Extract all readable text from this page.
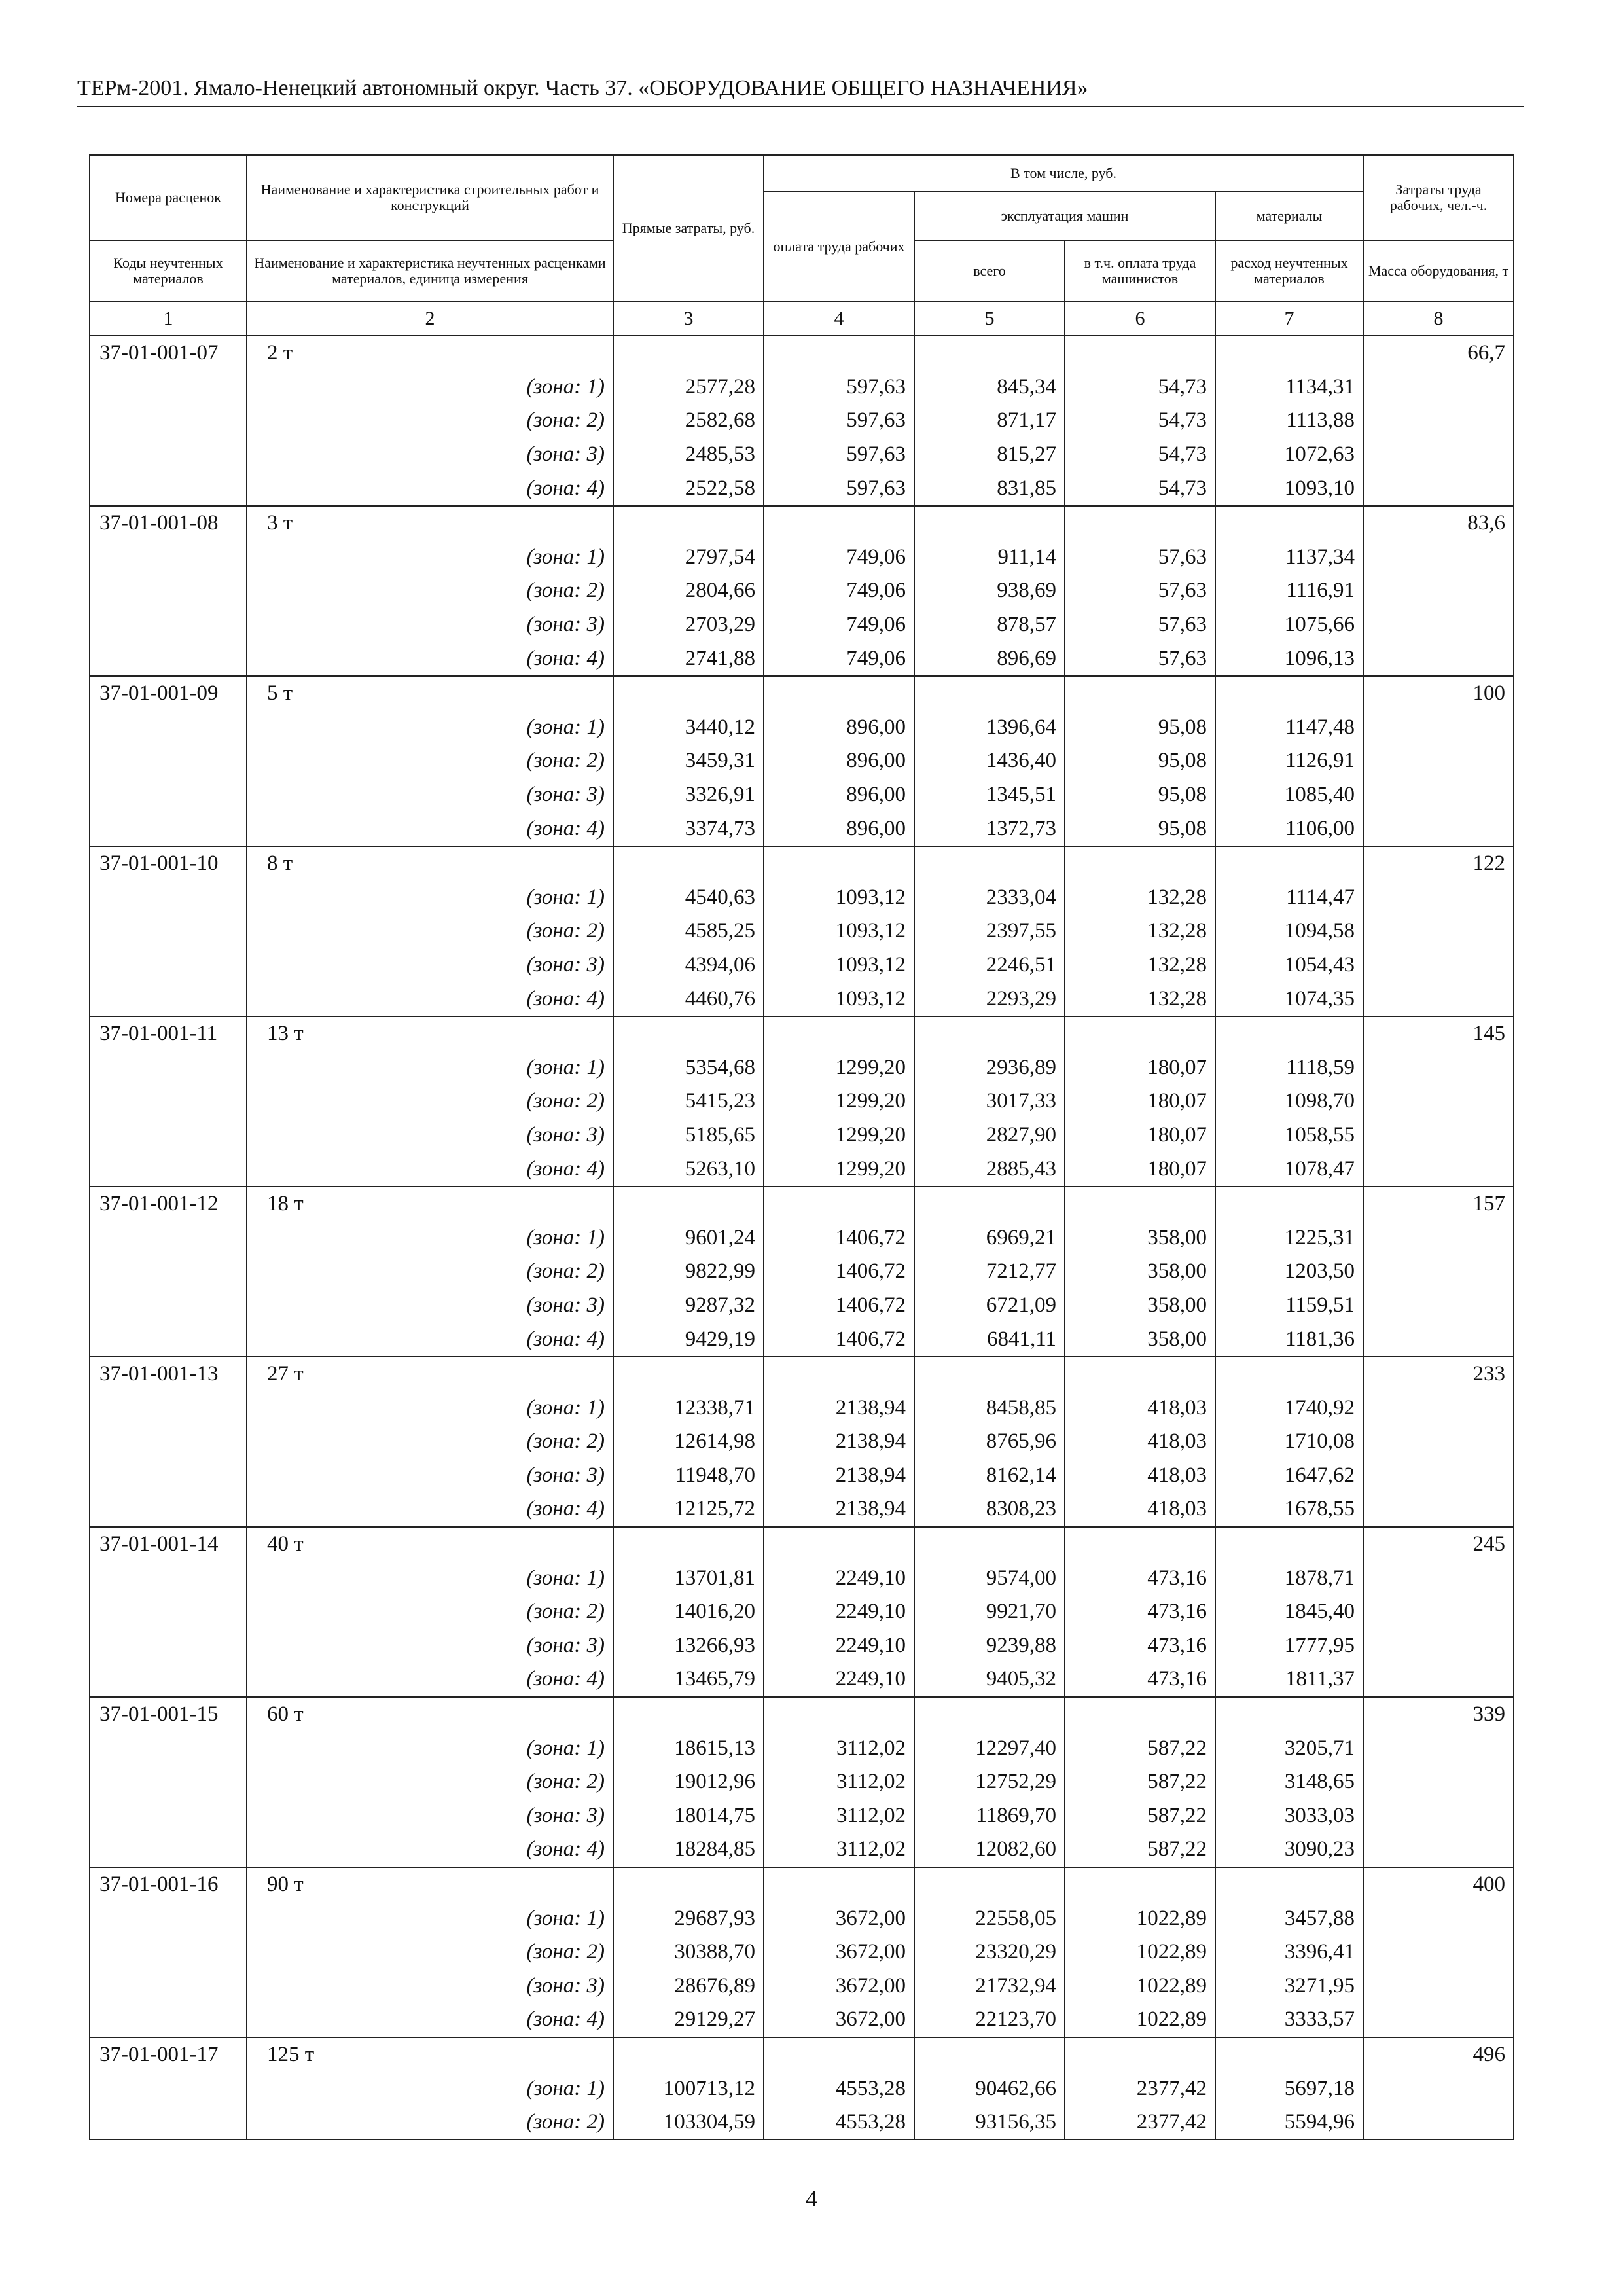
ТЕРм-2001. Ямало-Ненецкий автономный округ. Часть 37. «ОБОРУДОВАНИЕ ОБЩЕГО НАЗНАЧЕНИЯ»
Номера расценок	Наименование и характеристика строительных работ и конструкций	Прямые затраты, руб.	В том числе, руб.				Затраты труда рабочих, чел.-ч.
			оплата труда рабочих	эксплуатация машин		материалы	
Коды неучтенных материалов	Наименование и характеристика неучтенных расценками материалов, единица измерения			всего	в т.ч. оплата труда машинистов	расход неучтенных материалов	Масса оборудования, т
1	2	3	4	5	6	7	8
37-01-001-07	2 т						66,7
	(зона: 1)	2577,28	597,63	845,34	54,73	1134,31	
	(зона: 2)	2582,68	597,63	871,17	54,73	1113,88	
	(зона: 3)	2485,53	597,63	815,27	54,73	1072,63	
	(зона: 4)	2522,58	597,63	831,85	54,73	1093,10	
37-01-001-08	3 т						83,6
	(зона: 1)	2797,54	749,06	911,14	57,63	1137,34	
	(зона: 2)	2804,66	749,06	938,69	57,63	1116,91	
	(зона: 3)	2703,29	749,06	878,57	57,63	1075,66	
	(зона: 4)	2741,88	749,06	896,69	57,63	1096,13	
37-01-001-09	5 т						100
	(зона: 1)	3440,12	896,00	1396,64	95,08	1147,48	
	(зона: 2)	3459,31	896,00	1436,40	95,08	1126,91	
	(зона: 3)	3326,91	896,00	1345,51	95,08	1085,40	
	(зона: 4)	3374,73	896,00	1372,73	95,08	1106,00	
37-01-001-10	8 т						122
	(зона: 1)	4540,63	1093,12	2333,04	132,28	1114,47	
	(зона: 2)	4585,25	1093,12	2397,55	132,28	1094,58	
	(зона: 3)	4394,06	1093,12	2246,51	132,28	1054,43	
	(зона: 4)	4460,76	1093,12	2293,29	132,28	1074,35	
37-01-001-11	13 т						145
	(зона: 1)	5354,68	1299,20	2936,89	180,07	1118,59	
	(зона: 2)	5415,23	1299,20	3017,33	180,07	1098,70	
	(зона: 3)	5185,65	1299,20	2827,90	180,07	1058,55	
	(зона: 4)	5263,10	1299,20	2885,43	180,07	1078,47	
37-01-001-12	18 т						157
	(зона: 1)	9601,24	1406,72	6969,21	358,00	1225,31	
	(зона: 2)	9822,99	1406,72	7212,77	358,00	1203,50	
	(зона: 3)	9287,32	1406,72	6721,09	358,00	1159,51	
	(зона: 4)	9429,19	1406,72	6841,11	358,00	1181,36	
37-01-001-13	27 т						233
	(зона: 1)	12338,71	2138,94	8458,85	418,03	1740,92	
	(зона: 2)	12614,98	2138,94	8765,96	418,03	1710,08	
	(зона: 3)	11948,70	2138,94	8162,14	418,03	1647,62	
	(зона: 4)	12125,72	2138,94	8308,23	418,03	1678,55	
37-01-001-14	40 т						245
	(зона: 1)	13701,81	2249,10	9574,00	473,16	1878,71	
	(зона: 2)	14016,20	2249,10	9921,70	473,16	1845,40	
	(зона: 3)	13266,93	2249,10	9239,88	473,16	1777,95	
	(зона: 4)	13465,79	2249,10	9405,32	473,16	1811,37	
37-01-001-15	60 т						339
	(зона: 1)	18615,13	3112,02	12297,40	587,22	3205,71	
	(зона: 2)	19012,96	3112,02	12752,29	587,22	3148,65	
	(зона: 3)	18014,75	3112,02	11869,70	587,22	3033,03	
	(зона: 4)	18284,85	3112,02	12082,60	587,22	3090,23	
37-01-001-16	90 т						400
	(зона: 1)	29687,93	3672,00	22558,05	1022,89	3457,88	
	(зона: 2)	30388,70	3672,00	23320,29	1022,89	3396,41	
	(зона: 3)	28676,89	3672,00	21732,94	1022,89	3271,95	
	(зона: 4)	29129,27	3672,00	22123,70	1022,89	3333,57	
37-01-001-17	125 т						496
	(зона: 1)	100713,12	4553,28	90462,66	2377,42	5697,18	
	(зона: 2)	103304,59	4553,28	93156,35	2377,42	5594,96	
4
